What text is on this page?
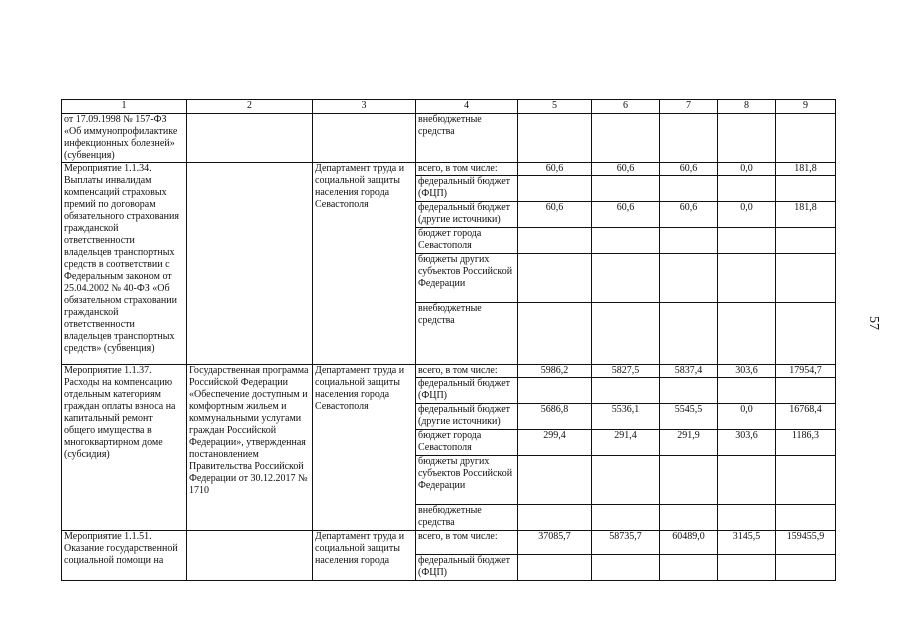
1	2	3	4	5	6	7	8	9
от 17.09.1998 № 157-ФЗ «Об иммунопрофилактике инфекционных болезней» (субвенция)			внебюджетные средства					
Мероприятие 1.1.34. Выплаты инвалидам компенсаций страховых премий по договорам обязательного страхования гражданской ответственности владельцев транспортных средств в соответствии с Федеральным законом от 25.04.2002 № 40-ФЗ «Об обязательном страховании гражданской ответственности владельцев транспортных средств» (субвенция)		Департамент труда и социальной защиты населения города Севастополя	всего, в том числе:	60,6	60,6	60,6	0,0	181,8
			федеральный бюджет (ФЦП)					
			федеральный бюджет (другие источники)	60,6	60,6	60,6	0,0	181,8
			бюджет города Севастополя					
			бюджеты других субъектов Российской Федерации					
			внебюджетные средства					
Мероприятие 1.1.37. Расходы на компенсацию отдельным категориям граждан оплаты взноса на капитальный ремонт общего имущества в многоквартирном доме (субсидия)	Государственная программа Российской Федерации «Обеспечение доступным и комфортным жильем и коммунальными услугами граждан Российской Федерации», утвержденная постановлением Правительства Российской Федерации от 30.12.2017 № 1710	Департамент труда и социальной защиты населения города Севастополя	всего, в том числе:	5986,2	5827,5	5837,4	303,6	17954,7
			федеральный бюджет (ФЦП)					
			федеральный бюджет (другие источники)	5686,8	5536,1	5545,5	0,0	16768,4
			бюджет города Севастополя	299,4	291,4	291,9	303,6	1186,3
			бюджеты других субъектов Российской Федерации					
			внебюджетные средства					
Мероприятие 1.1.51. Оказание государственной социальной помощи на		Департамент труда и социальной защиты населения города	всего, в том числе:	37085,7	58735,7	60489,0	3145,5	159455,9
			федеральный бюджет (ФЦП)					
57
